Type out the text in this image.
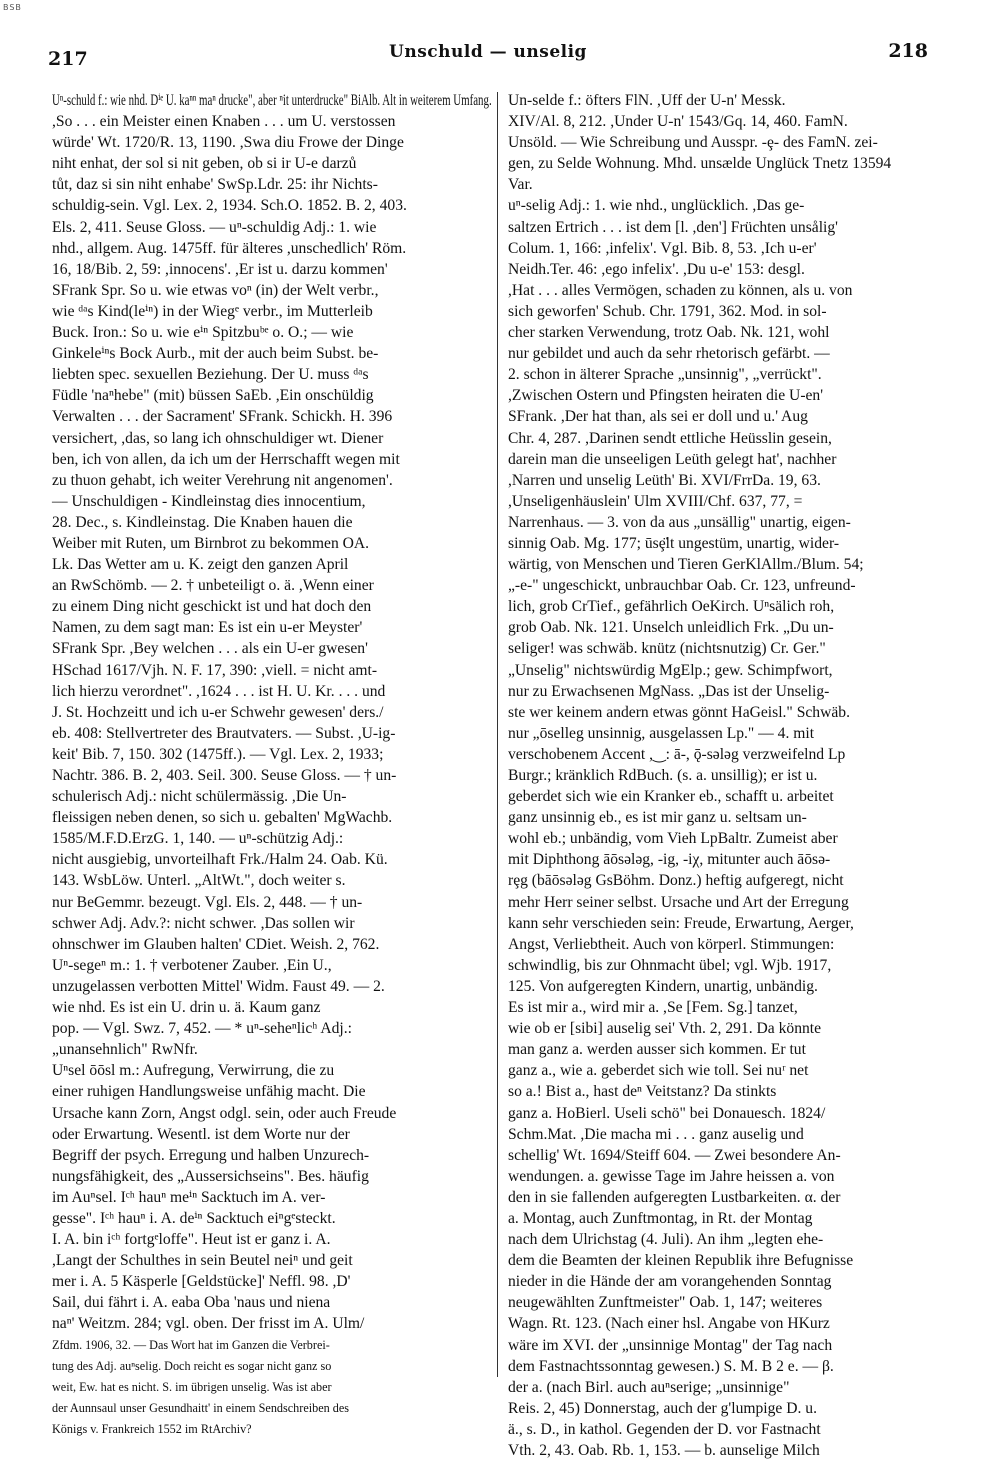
BSB
217	Unschuld — unselig	218
Uⁿ-schuld f.: wie nhd. Dⁱᵉ U. kaⁿⁿ maⁿ drucke", aber ⁿit unterdrucke" BiAlb. Alt in weiterem Umfang.
,So . . . ein Meister einen Knaben . . . um U. verstossen
würde' Wt. 1720/R. 13, 1190. ,Swa diu Frowe der Dinge
niht enhat, der sol si nit geben, ob si ir U-e darzů
tůt, daz si sin niht enhabe' SwSp.Ldr. 25: ihr Nichts-
schuldig-sein. Vgl. Lex. 2, 1934. Sch.O. 1852. B. 2, 403.
Els. 2, 411. Seuse Gloss. — uⁿ-schuldig Adj.: 1. wie
nhd., allgem. Aug. 1475ff. für älteres ,unschedlich' Röm.
16, 18/Bib. 2, 59: ,innocens'. ,Er ist u. darzu kommen'
SFrank Spr. So u. wie etwas voⁿ (in) der Welt verbr.,
wie ᵈᵃs Kind(leⁱⁿ) in der Wiegᵉ verbr., im Mutterleib
Buck. Iron.: So u. wie eⁱⁿ Spitzbuᵇᵉ o. O.; — wie
Ginkeleⁱⁿs Bock Aurb., mit der auch beim Subst. be-
liebten spec. sexuellen Beziehung. Der U. muss ᵈᵃs
Füdle 'naⁿhebe" (mit) büssen SaEb. ,Ein onschüldig
Verwalten . . . der Sacrament' SFrank. Schickh. H. 396
versichert, ,das, so lang ich ohnschuldiger wt. Diener
ben, ich von allen, da ich um der Herrschafft wegen mit
zu thuon gehabt, ich weiter Verehrung nit angenomen'.
— Unschuldigen - Kindleinstag dies innocentium,
28. Dec., s. Kindleinstag. Die Knaben hauen die
Weiber mit Ruten, um Birnbrot zu bekommen OA.
Lk. Das Wetter am u. K. zeigt den ganzen April
an RwSchömb. — 2. † unbeteiligt o. ä. ,Wenn einer
zu einem Ding nicht geschickt ist und hat doch den
Namen, zu dem sagt man: Es ist ein u-er Meyster'
SFrank Spr. ,Bey welchen . . . als ein U-er gwesen'
HSchad 1617/Vjh. N. F. 17, 390: ,viell. = nicht amt-
lich hierzu verordnet". ,1624 . . . ist H. U. Kr. . . . und
J. St. Hochzeitt und ich u-er Schwehr gewesen' ders./
eb. 408: Stellvertreter des Brautvaters. — Subst. ,U-ig-
keit' Bib. 7, 150. 302 (1475ff.). — Vgl. Lex. 2, 1933;
Nachtr. 386. B. 2, 403. Seil. 300. Seuse Gloss. — † un-
schulerisch Adj.: nicht schülermässig. ,Die Un-
fleissigen neben denen, so sich u. gebalten' MgWachb.
1585/M.F.D.ErzG. 1, 140. — uⁿ-schützig Adj.:
nicht ausgiebig, unvorteilhaft Frk./Halm 24. Oab. Kü.
143. WsbLöw. Unterl. „AltWt.", doch weiter s.
nur BeGemmr. bezeugt. Vgl. Els. 2, 448. — † un-
schwer Adj. Adv.?: nicht schwer. ,Das sollen wir
ohnschwer im Glauben halten' CDiet. Weish. 2, 762.
Uⁿ-segeⁿ m.: 1. † verbotener Zauber. ,Ein U.,
unzugelassen verbotten Mittel' Widm. Faust 49. — 2.
wie nhd. Es ist ein U. drin u. ä. Kaum ganz
pop. — Vgl. Swz. 7, 452. — * uⁿ-seheⁿlicʰ Adj.:
„unansehnlich" RwNfr.
Uⁿsel ōōsl m.: Aufregung, Verwirrung, die zu
einer ruhigen Handlungsweise unfähig macht. Die
Ursache kann Zorn, Angst odgl. sein, oder auch Freude
oder Erwartung. Wesentl. ist dem Worte nur der
Begriff der psych. Erregung und halben Unzurech-
nungsfähigkeit, des „Aussersichseins". Bes. häufig
im Auⁿsel. Iᶜʰ hauⁿ meⁱⁿ Sacktuch im A. ver-
gesse". Iᶜʰ hauⁿ i. A. deⁱⁿ Sacktuch eiⁿgᵉsteckt.
I. A. bin iᶜʰ fortgᵉloffe". Heut ist er ganz i. A.
,Langt der Schulthes in sein Beutel neiⁿ und geit
mer i. A. 5 Käsperle [Geldstücke]' Neffl. 98. ,D'
Sail, dui fährt i. A. eaba Oba 'naus und niena
naⁿ' Weitzm. 284; vgl. oben. Der frisst im A. Ulm/
Zfdm. 1906, 32. — Das Wort hat im Ganzen die Verbrei-
tung des Adj. auⁿselig. Doch reicht es sogar nicht ganz so
weit, Ew. hat es nicht. S. im übrigen unselig. Was ist aber
der Aunnsaul unser Gesundhaitt' in einem Sendschreiben des
Königs v. Frankreich 1552 im RtArchiv?
Un-selde f.: öfters FlN. ,Uff der U-n' Messk.
XIV/Al. 8, 212. ,Under U-n' 1543/Gq. 14, 460. FamN.
Unsöld. — Wie Schreibung und Ausspr. -ȩ- des FamN. zei-
gen, zu Selde Wohnung. Mhd. unsælde Unglück Tnetz 13594
Var.
uⁿ-selig Adj.: 1. wie nhd., unglücklich. ,Das ge-
saltzen Ertrich . . . ist dem [l. ,den'] Früchten unsålig'
Colum. 1, 166: ,infelix'. Vgl. Bib. 8, 53. ,Ich u-er'
Neidh.Ter. 46: ,ego infelix'. ,Du u-e' 153: desgl.
,Hat . . . alles Vermögen, schaden zu können, als u. von
sich geworfen' Schub. Chr. 1791, 362. Mod. in sol-
cher starken Verwendung, trotz Oab. Nk. 121, wohl
nur gebildet und auch da sehr rhetorisch gefärbt. —
2. schon in älterer Sprache „unsinnig", „verrückt".
,Zwischen Ostern und Pfingsten heiraten die U-en'
SFrank. ,Der hat than, als sei er doll und u.' Aug
Chr. 4, 287. ,Darinen sendt ettliche Heüsslin gesein,
darein man die unseeligen Leüth gelegt hat', nachher
,Narren und unselig Leüth' Bi. XVI/FrrDa. 19, 63.
,Unseligenhäuslein' Ulm XVIII/Chf. 637, 77, =
Narrenhaus. — 3. von da aus „unsällig" unartig, eigen-
sinnig Oab. Mg. 177; ūsȩ̈lt ungestüm, unartig, wider-
wärtig, von Menschen und Tieren GerKlAllm./Blum. 54;
„-e-" ungeschickt, unbrauchbar Oab. Cr. 123, unfreund-
lich, grob CrTief., gefährlich OeKirch. Uⁿsälich roh,
grob Oab. Nk. 121. Unselch unleidlich Frk. „Du un-
seliger! was schwäb. knütz (nichtsnutzig) Cr. Ger."
„Unselig" nichtswürdig MgElp.; gew. Schimpfwort,
nur zu Erwachsenen MgNass. „Das ist der Unselig-
ste wer keinem andern etwas gönnt HaGeisl." Schwäb.
nur „ōselleg unsinnig, ausgelassen Lp." — 4. mit
verschobenem Accent ,‿: ā-, ǭ-sələg verzweifelnd Lp
Burgr.; kränklich RdBuch. (s. a. unsillig); er ist u.
geberdet sich wie ein Kranker eb., schafft u. arbeitet
ganz unsinnig eb., es ist mir ganz u. seltsam un-
wohl eb.; unbändig, vom Vieh LpBaltr. Zumeist aber
mit Diphthong āōsələg, -ig, -iχ, mitunter auch āōsə-
rȩg (bāōsələg GsBöhm. Donz.) heftig aufgeregt, nicht
mehr Herr seiner selbst. Ursache und Art der Erregung
kann sehr verschieden sein: Freude, Erwartung, Aerger,
Angst, Verliebtheit. Auch von körperl. Stimmungen:
schwindlig, bis zur Ohnmacht übel; vgl. Wjb. 1917,
125. Von aufgeregten Kindern, unartig, unbändig.
Es ist mir a., wird mir a. ,Se [Fem. Sg.] tanzet,
wie ob er [sibi] auselig sei' Vth. 2, 291. Da könnte
man ganz a. werden ausser sich kommen. Er tut
ganz a., wie a. geberdet sich wie toll. Sei nuʳ net
so a.! Bist a., hast deⁿ Veitstanz? Da stinkts
ganz a. HoBierl. Useli schö" bei Donauesch. 1824/
Schm.Mat. ,Die macha mi . . . ganz auselig und
schellig' Wt. 1694/Steiff 604. — Zwei besondere An-
wendungen. a. gewisse Tage im Jahre heissen a. von
den in sie fallenden aufgeregten Lustbarkeiten. α. der
a. Montag, auch Zunftmontag, in Rt. der Montag
nach dem Ulrichstag (4. Juli). An ihm „legten ehe-
dem die Beamten der kleinen Republik ihre Befugnisse
nieder in die Hände der am vorangehenden Sonntag
neugewählten Zunftmeister" Oab. 1, 147; weiteres
Wagn. Rt. 123. (Nach einer hsl. Angabe von HKurz
wäre im XVI. der „unsinnige Montag" der Tag nach
dem Fastnachtssonntag gewesen.) S. M. B 2 e. — β.
der a. (nach Birl. auch auⁿserige; „unsinnige"
Reis. 2, 45) Donnerstag, auch der g'lumpige D. u.
ä., s. D., in kathol. Gegenden der D. vor Fastnacht
Vth. 2, 43. Oab. Rb. 1, 153. — b. aunselige Milch
